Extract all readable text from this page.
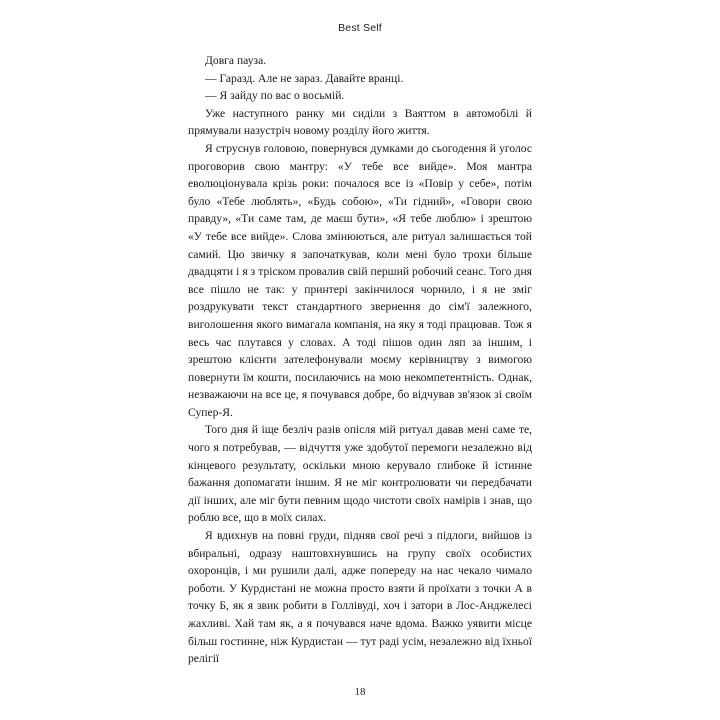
Best Self

Довга пауза.

— Гаразд. Але не зараз. Давайте вранці.

— Я зайду по вас о восьмій.

Уже наступного ранку ми сиділи з Ваяттом в автомобілі й прямували назустріч новому розділу його життя.

Я струснув головою, повернувся думками до сьогодення й уголос проговорив свою мантру: «У тебе все вийде». Моя мантра еволюціонувала крізь роки: почалося все із «Повір у себе», потім було «Тебе люблять», «Будь собою», «Ти гідний», «Говори свою правду», «Ти саме там, де маєш бути», «Я тебе люблю» і зрештою «У тебе все вийде». Слова змінюються, але ритуал залишається той самий. Цю звичку я започаткував, коли мені було трохи більше двадцяти і я з тріском провалив свій перший робочий сеанс. Того дня все пішло не так: у принтері закінчилося чорнило, і я не зміг роздрукувати текст стандартного звернення до сім'ї залежного, виголошення якого вимагала компанія, на яку я тоді працював. Тож я весь час плутався у словах. А тоді пішов один ляп за іншим, і зрештою клієнти зателефонували моєму керівництву з вимогою повернути їм кошти, посилаючись на мою некомпетентність. Однак, незважаючи на все це, я почувався добре, бо відчував зв'язок зі своїм Супер-Я.

Того дня й іще безліч разів опісля мій ритуал давав мені саме те, чого я потребував, — відчуття уже здобутої перемоги незалежно від кінцевого результату, оскільки мною керувало глибоке й істинне бажання допомагати іншим. Я не міг контролювати чи передбачати дії інших, але міг бути певним щодо чистоти своїх намірів і знав, що роблю все, що в моїх силах.

Я вдихнув на повні груди, підняв свої речі з підлоги, вийшов із вбиральні, одразу наштовхнувшись на групу своїх особистих охоронців, і ми рушили далі, адже попереду на нас чекало чимало роботи. У Курдистані не можна просто взяти й проїхати з точки А в точку Б, як я звик робити в Голлівуді, хоч і затори в Лос-Анджелесі жахливі. Хай там як, а я почувався наче вдома. Важко уявити місце більш гостинне, ніж Курдистан — тут раді усім, незалежно від їхньої релігії

18
